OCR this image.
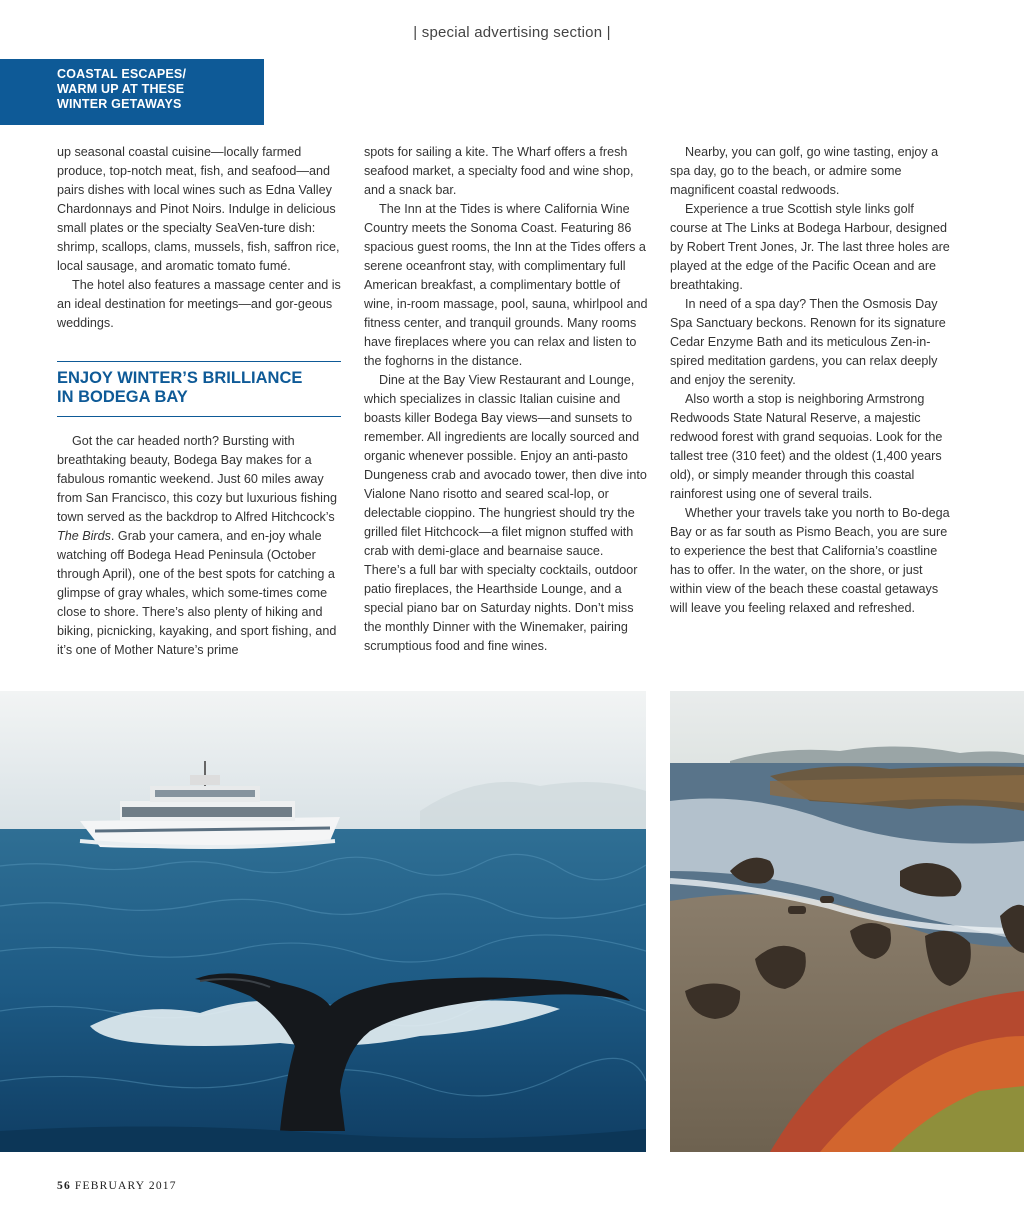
| special advertising section |
COASTAL ESCAPES/
WARM UP AT THESE
WINTER GETAWAYS

up seasonal coastal cuisine—locally farmed produce, top-notch meat, fish, and seafood—and pairs dishes with local wines such as Edna Valley Chardonnays and Pinot Noirs. Indulge in delicious small plates or the specialty SeaVen-ture dish: shrimp, scallops, clams, mussels, fish, saffron rice, local sausage, and aromatic tomato fumé.

The hotel also features a massage center and is an ideal destination for meetings—and gor-geous weddings.

ENJOY WINTER’S BRILLIANCE
IN BODEGA BAY

Got the car headed north? Bursting with breathtaking beauty, Bodega Bay makes for a fabulous romantic weekend. Just 60 miles away from San Francisco, this cozy but luxurious fishing town served as the backdrop to Alfred Hitchcock’s The Birds. Grab your camera, and en-joy whale watching off Bodega Head Peninsula (October through April), one of the best spots for catching a glimpse of gray whales, which some-times come close to shore. There’s also plenty of hiking and biking, picnicking, kayaking, and sport fishing, and it’s one of Mother Nature’s prime

spots for sailing a kite. The Wharf offers a fresh seafood market, a specialty food and wine shop, and a snack bar.

The Inn at the Tides is where California Wine Country meets the Sonoma Coast. Featuring 86 spacious guest rooms, the Inn at the Tides offers a serene oceanfront stay, with complimentary full American breakfast, a complimentary bottle of wine, in-room massage, pool, sauna, whirlpool and fitness center, and tranquil grounds. Many rooms have fireplaces where you can relax and listen to the foghorns in the distance.

Dine at the Bay View Restaurant and Lounge, which specializes in classic Italian cuisine and boasts killer Bodega Bay views—and sunsets to remember. All ingredients are locally sourced and organic whenever possible. Enjoy an anti-pasto Dungeness crab and avocado tower, then dive into Vialone Nano risotto and seared scal-lop, or delectable cioppino. The hungriest should try the grilled filet Hitchcock—a filet mignon stuffed with crab with demi-glace and bearnaise sauce. There’s a full bar with specialty cocktails, outdoor patio fireplaces, the Hearthside Lounge, and a special piano bar on Saturday nights. Don’t miss the monthly Dinner with the Winemaker, pairing scrumptious food and fine wines.

Nearby, you can golf, go wine tasting, enjoy a spa day, go to the beach, or admire some magnificent coastal redwoods.

Experience a true Scottish style links golf course at The Links at Bodega Harbour, designed by Robert Trent Jones, Jr. The last three holes are played at the edge of the Pacific Ocean and are breathtaking.

In need of a spa day? Then the Osmosis Day Spa Sanctuary beckons. Renown for its signature Cedar Enzyme Bath and its meticulous Zen-in-spired meditation gardens, you can relax deeply and enjoy the serenity.

Also worth a stop is neighboring Armstrong Redwoods State Natural Reserve, a majestic redwood forest with grand sequoias. Look for the tallest tree (310 feet) and the oldest (1,400 years old), or simply meander through this coastal rainforest using one of several trails.

Whether your travels take you north to Bo-dega Bay or as far south as Pismo Beach, you are sure to experience the best that California’s coastline has to offer. In the water, on the shore, or just within view of the beach these coastal getaways will leave you feeling relaxed and refreshed.

56 FEBRUARY 2017
